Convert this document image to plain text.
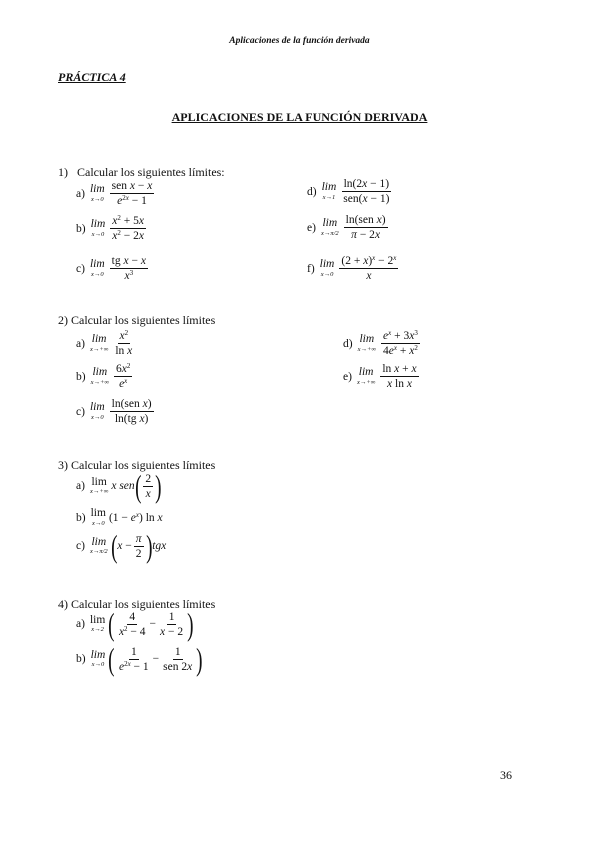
Aplicaciones de la función derivada
PRÁCTICA 4
APLICACIONES DE LA FUNCIÓN DERIVADA
1) Calcular los siguientes límites:
a) lim
$x\to 0 \frac{\text{sen x − x}}{e^{2x} - 1}$
b) lim
$x\to 0 \frac{x^2 + 5x}{x^2 - 2x}$
c) lim
$x\to 0 \frac{\text{tg x − x}}{x^3}$
d) lim
$x\to 1 \frac{\ln(2x - 1)}{\text{sen(x − 1)}}$
e) lim
$x\to\pi/2 \frac{\text{ln(sen x)}}{\pi - 2x}$
f) lim
$x\to 0 \frac{(2 + x)^x - 2^x}{x}$
2) Calcular los siguientes límites
a) lim
$x\to+\infty \frac{x^2}{\text{ln x}}$
b) lim
$x\to+\infty \frac{6x^2}{e^x}$
c) lim
$x\to 0 \frac{\text{ln(sen x)}}{\text{ln(tg x)}}$
d) lim
$x\to+\infty \frac{e^x + 3x^3}{4e^x + x^2}$
e) lim
$x\to+\infty \frac{\text{ln x + x}}{\text{x ln x}}$
3) Calcular los siguientes límites
a) lim
x→+∞ x sen ( $\frac{2}{x}$ )
b) lim
x→0 $(1 - e^x)$ ln x
c) lim
x→π/2 ( $x - \frac{\pi}{2}$ ) tgx
4) Calcular los siguientes límites
a) lim
x→2 ( $\frac{4}{x^2 - 4} - \frac{1}{x - 2}$ )
b) lim
x→0 ( $\frac{1}{e^{2x} - 1} - \frac{1}{\text{sen 2x}}$ )
36
